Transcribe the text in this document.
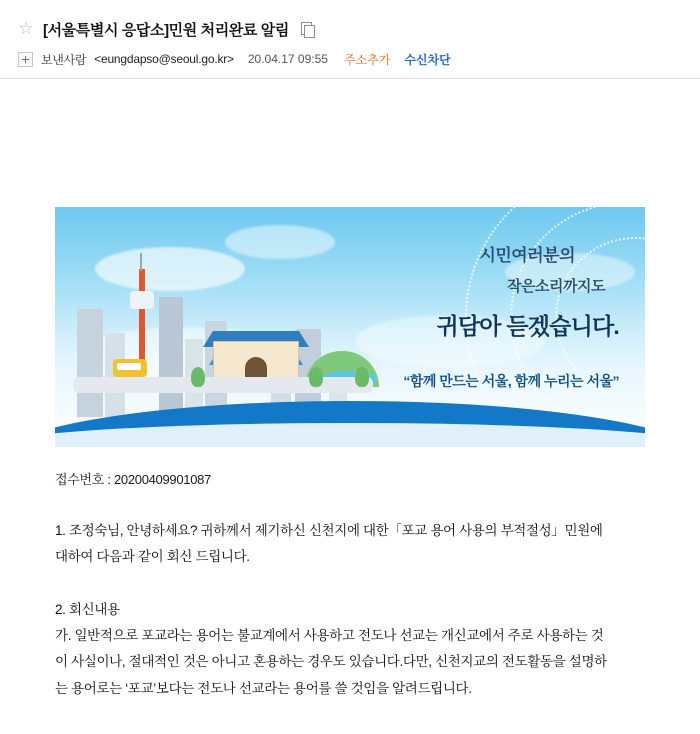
☆ [서울특별시 응답소]민원 처리완료 알림
보낸사람 <eungdapso@seoul.go.kr> 20.04.17 09:55 주소추가 수신차단
시민여러분의
작은소리까지도
귀담아 듣겠습니다.
“함께 만드는 서울, 함께 누리는 서울”
접수번호 : 20200409901087
1. 조정숙님, 안녕하세요? 귀하께서 제기하신 신천지에 대한「포교 용어 사용의 부적절성」민원에
대하여 다음과 같이 회신 드립니다.
2. 회신내용
가. 일반적으로 포교라는 용어는 불교계에서 사용하고 전도나 선교는 개신교에서 주로 사용하는 것
이 사실이나, 절대적인 것은 아니고 혼용하는 경우도 있습니다.다만, 신천지교의 전도활동을 설명하
는 용어로는 ‘포교’보다는 전도나 선교라는 용어를 쓸 것임을 알려드립니다.
